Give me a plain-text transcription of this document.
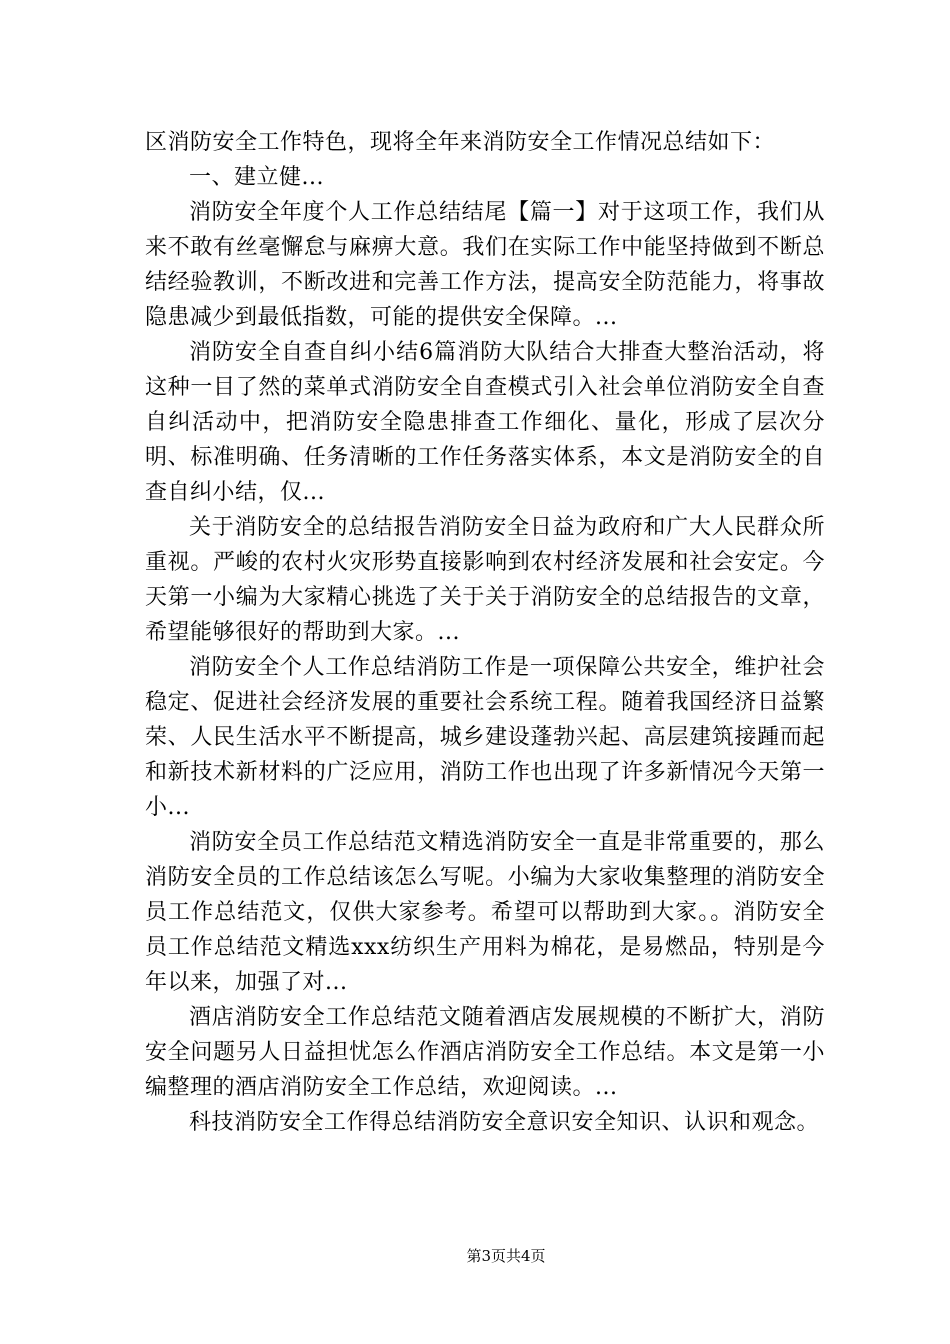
区消防安全工作特色，现将全年来消防安全工作情况总结如下：

一、建立健...

消防安全年度个人工作总结结尾【篇一】对于这项工作，我们从来不敢有丝毫懈怠与麻痹大意。我们在实际工作中能坚持做到不断总结经验教训，不断改进和完善工作方法，提高安全防范能力，将事故隐患减少到最低指数，可能的提供安全保障。...

消防安全自查自纠小结6篇消防大队结合大排查大整治活动，将这种一目了然的菜单式消防安全自查模式引入社会单位消防安全自查自纠活动中，把消防安全隐患排查工作细化、量化，形成了层次分明、标准明确、任务清晰的工作任务落实体系，本文是消防安全的自查自纠小结，仅...

关于消防安全的总结报告消防安全日益为政府和广大人民群众所重视。严峻的农村火灾形势直接影响到农村经济发展和社会安定。今天第一小编为大家精心挑选了关于关于消防安全的总结报告的文章，希望能够很好的帮助到大家。...

消防安全个人工作总结消防工作是一项保障公共安全，维护社会稳定、促进社会经济发展的重要社会系统工程。随着我国经济日益繁荣、人民生活水平不断提高，城乡建设蓬勃兴起、高层建筑接踵而起和新技术新材料的广泛应用，消防工作也出现了许多新情况今天第一小...

消防安全员工作总结范文精选消防安全一直是非常重要的，那么消防安全员的工作总结该怎么写呢。小编为大家收集整理的消防安全员工作总结范文，仅供大家参考。希望可以帮助到大家。。消防安全员工作总结范文精选xxx纺织生产用料为棉花，是易燃品，特别是今年以来，加强了对...

酒店消防安全工作总结范文随着酒店发展规模的不断扩大，消防安全问题另人日益担忧怎么作酒店消防安全工作总结。本文是第一小编整理的酒店消防安全工作总结，欢迎阅读。...

科技消防安全工作得总结消防安全意识安全知识、认识和观念。

第3页共4页
